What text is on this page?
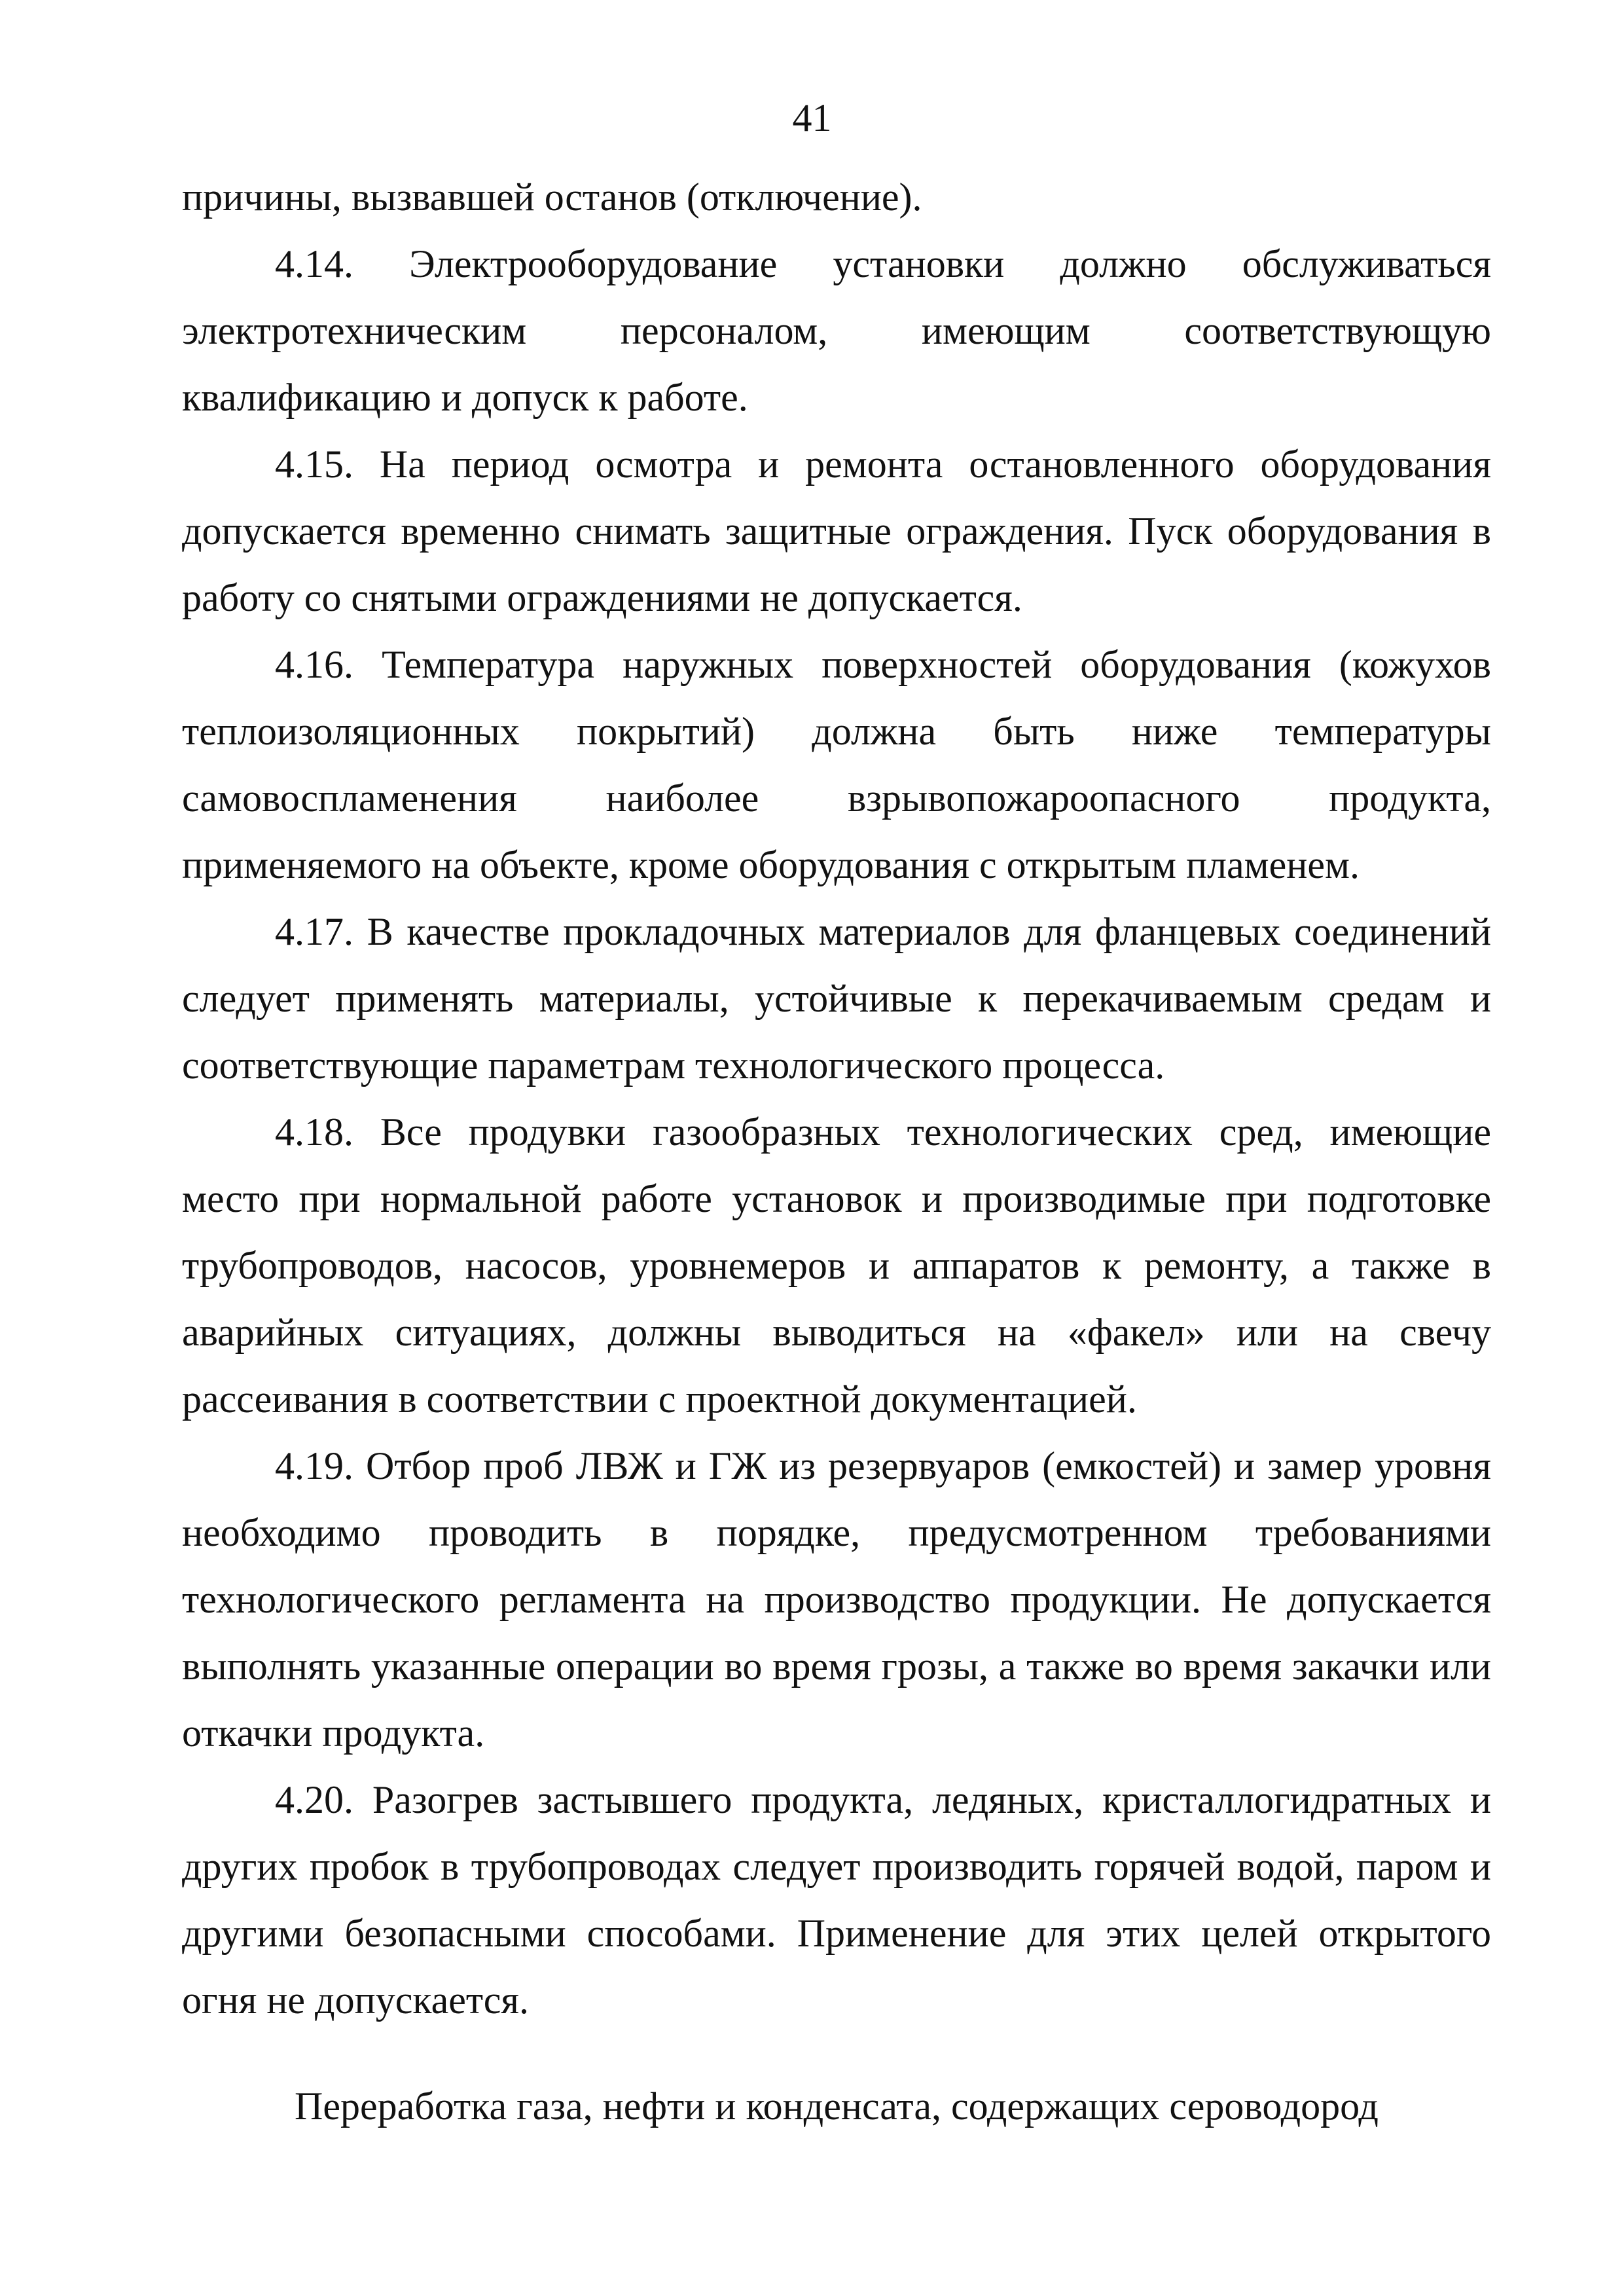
41

причины, вызвавшей останов (отключение).

4.14. Электрооборудование установки должно обслуживаться электротехническим персоналом, имеющим соответствующую квалификацию и допуск к работе.

4.15. На период осмотра и ремонта остановленного оборудования допускается временно снимать защитные ограждения. Пуск оборудования в работу со снятыми ограждениями не допускается.

4.16. Температура наружных поверхностей оборудования (кожухов теплоизоляционных покрытий) должна быть ниже температуры самовоспламенения наиболее взрывопожароопасного продукта, применяемого на объекте, кроме оборудования с открытым пламенем.

4.17. В качестве прокладочных материалов для фланцевых соединений следует применять материалы, устойчивые к перекачиваемым средам и соответствующие параметрам технологического процесса.

4.18. Все продувки газообразных технологических сред, имеющие место при нормальной работе установок и производимые при подготовке трубопроводов, насосов, уровнемеров и аппаратов к ремонту, а также в аварийных ситуациях, должны выводиться на «факел» или на свечу рассеивания в соответствии с проектной документацией.

4.19. Отбор проб ЛВЖ и ГЖ из резервуаров (емкостей) и замер уровня необходимо проводить в порядке, предусмотренном требованиями технологического регламента на производство продукции. Не допускается выполнять указанные операции во время грозы, а также во время закачки или откачки продукта.

4.20. Разогрев застывшего продукта, ледяных, кристаллогидратных и других пробок в трубопроводах следует производить горячей водой, паром и другими безопасными способами. Применение для этих целей открытого огня не допускается.

Переработка газа, нефти и конденсата, содержащих сероводород
